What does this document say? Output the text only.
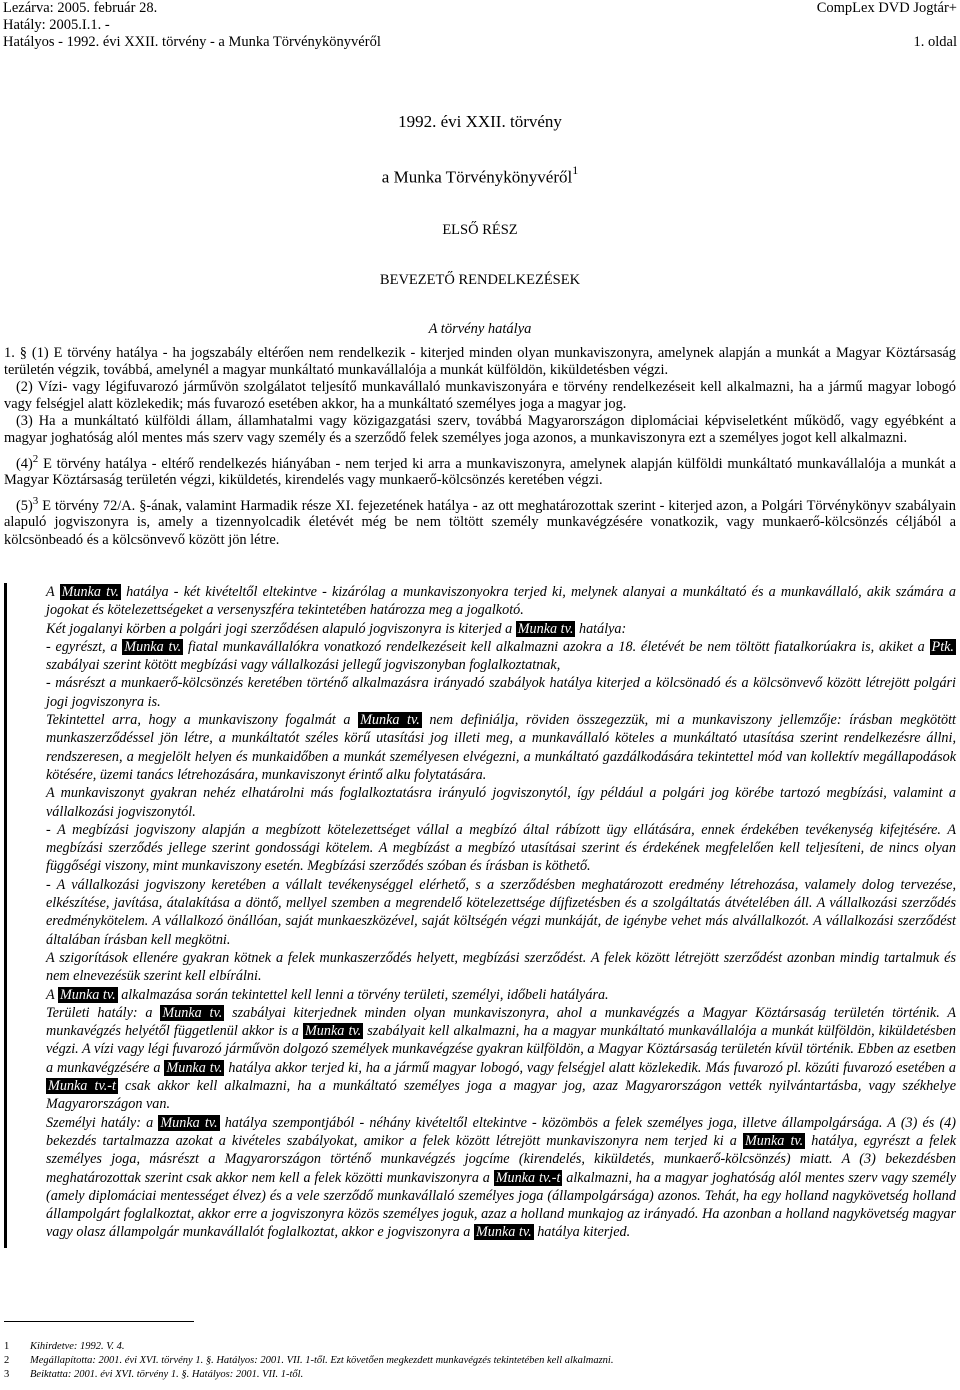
Lezárva: 2005. február 28.
Hatály: 2005.I.1. -
Hatályos - 1992. évi XXII. törvény - a Munka Törvénykönyvéről
CompLex DVD Jogtár+

1. oldal
1992. évi XXII. törvény
a Munka Törvénykönyvéről$^1$
ELSŐ RÉSZ
BEVEZETŐ RENDELKEZÉSEK
A törvény hatálya

1. § (1) E törvény hatálya - ha jogszabály eltérően nem rendelkezik - kiterjed minden olyan munkaviszonyra, amelynek alapján a munkát a Magyar Köztársaság területén végzik, továbbá, amelynél a magyar munkáltató munkavállalója a munkát külföldön, kiküldetésben végzi.

(2) Vízi- vagy légifuvarozó járművön szolgálatot teljesítő munkavállaló munkaviszonyára e törvény rendelkezéseit kell alkalmazni, ha a jármű magyar lobogó vagy felségjel alatt közlekedik; más fuvarozó esetében akkor, ha a munkáltató személyes joga a magyar jog.

(3) Ha a munkáltató külföldi állam, államhatalmi vagy közigazgatási szerv, továbbá Magyarországon diplomáciai képviseletként működő, vagy egyébként a magyar joghatóság alól mentes más szerv vagy személy és a szerződő felek személyes joga azonos, a munkaviszonyra ezt a személyes jogot kell alkalmazni.

$(4)^2$ E törvény hatálya - eltérő rendelkezés hiányában - nem terjed ki arra a munkaviszonyra, amelynek alapján külföldi munkáltató munkavállalója a munkát a Magyar Köztársaság területén végzi, kiküldetés, kirendelés vagy munkaerő-kölcsönzés keretében végzi.

$(5)^3$ E törvény 72/A. §-ának, valamint Harmadik része XI. fejezetének hatálya - az ott meghatározottak szerint - kiterjed azon, a Polgári Törvénykönyv szabályain alapuló jogviszonyra is, amely a tizennyolcadik életévét még be nem töltött személy munkavégzésére vonatkozik, vagy munkaerő-kölcsönzés céljából a kölcsönbeadó és a kölcsönvevő között jön létre.

A Munka tv. hatálya - két kivételtől eltekintve - kizárólag a munkaviszonyokra terjed ki, melynek alanyai a munkáltató és a munkavállaló, akik számára a jogokat és kötelezettségeket a versenyszféra tekintetében határozza meg a jogalkotó.

Két jogalanyi körben a polgári jogi szerződésen alapuló jogviszonyra is kiterjed a Munka tv. hatálya:

- egyrészt, a Munka tv. fiatal munkavállalókra vonatkozó rendelkezéseit kell alkalmazni azokra a 18. életévét be nem töltött fiatalkorúakra is, akiket a Ptk. szabályai szerint kötött megbízási vagy vállalkozási jellegű jogviszonyban foglalkoztatnak,

- másrészt a munkaerő-kölcsönzés keretében történő alkalmazásra irányadó szabályok hatálya kiterjed a kölcsönadó és a kölcsönvevő között létrejött polgári jogi jogviszonyra is.

Tekintettel arra, hogy a munkaviszony fogalmát a Munka tv. nem definiálja, röviden összegezzük, mi a munkaviszony jellemzője: írásban megkötött munkaszerződéssel jön létre, a munkáltatót széles körű utasítási jog illeti meg, a munkavállaló köteles a munkáltató utasítása szerint rendelkezésre állni, rendszeresen, a megjelölt helyen és munkaidőben a munkát személyesen elvégezni, a munkáltató gazdálkodására tekintettel mód van kollektív megállapodások kötésére, üzemi tanács létrehozására, munkaviszonyt érintő alku folytatására.

A munkaviszonyt gyakran nehéz elhatárolni más foglalkoztatásra irányuló jogviszonytól, így például a polgári jog körébe tartozó megbízási, valamint a vállalkozási jogviszonytól.

- A megbízási jogviszony alapján a megbízott kötelezettséget vállal a megbízó által rábízott ügy ellátására, ennek érdekében tevékenység kifejtésére. A megbízási szerződés jellege szerint gondossági kötelem. A megbízást a megbízó utasításai szerint és érdekének megfelelően kell teljesíteni, de nincs olyan függőségi viszony, mint munkaviszony esetén. Megbízási szerződés szóban és írásban is köthető.

- A vállalkozási jogviszony keretében a vállalt tevékenységgel elérhető, s a szerződésben meghatározott eredmény létrehozása, valamely dolog tervezése, elkészítése, javítása, átalakítása a döntő, mellyel szemben a megrendelő kötelezettsége díjfizetésben és a szolgáltatás átvételében áll. A vállalkozási szerződés eredménykötelem. A vállalkozó önállóan, saját munkaeszközével, saját költségén végzi munkáját, de igénybe vehet más alvállalkozót. A vállalkozási szerződést általában írásban kell megkötni.

A szigorítások ellenére gyakran kötnek a felek munkaszerződés helyett, megbízási szerződést. A felek között létrejött szerződést azonban mindig tartalmuk és nem elnevezésük szerint kell elbírálni.

A Munka tv. alkalmazása során tekintettel kell lenni a törvény területi, személyi, időbeli hatályára.

Területi hatály: a Munka tv. szabályai kiterjednek minden olyan munkaviszonyra, ahol a munkavégzés a Magyar Köztársaság területén történik. A munkavégzés helyétől függetlenül akkor is a Munka tv. szabályait kell alkalmazni, ha a magyar munkáltató munkavállalója a munkát külföldön, kiküldetésben végzi. A vízi vagy légi fuvarozó járművön dolgozó személyek munkavégzése gyakran külföldön, a Magyar Köztársaság területén kívül történik. Ebben az esetben a munkavégzésére a Munka tv. hatálya akkor terjed ki, ha a jármű magyar lobogó, vagy felségjel alatt közlekedik. Más fuvarozó pl. közúti fuvarozó esetében a Munka tv.-t csak akkor kell alkalmazni, ha a munkáltató személyes joga a magyar jog, azaz Magyarországon vették nyilvántartásba, vagy székhelye Magyarországon van.

Személyi hatály: a Munka tv. hatálya szempontjából - néhány kivételtől eltekintve - közömbös a felek személyes joga, illetve állampolgársága. A (3) és (4) bekezdés tartalmazza azokat a kivételes szabályokat, amikor a felek között létrejött munkaviszonyra nem terjed ki a Munka tv. hatálya, egyrészt a felek személyes joga, másrészt a Magyarországon történő munkavégzés jogcíme (kirendelés, kiküldetés, munkaerő-kölcsönzés) miatt. A (3) bekezdésben meghatározottak szerint csak akkor nem kell a felek közötti munkaviszonyra a Munka tv.-t alkalmazni, ha a magyar joghatóság alól mentes szerv vagy személy (amely diplomáciai mentességet élvez) és a vele szerződő munkavállaló személyes joga (állampolgársága) azonos. Tehát, ha egy holland nagykövetség holland állampolgárt foglalkoztat, akkor erre a jogviszonyra közös személyes joguk, azaz a holland munkajog az irányadó. Ha azonban a holland nagykövetség magyar vagy olasz állampolgár munkavállalót foglalkoztat, akkor e jogviszonyra a Munka tv. hatálya kiterjed.

1 Kihirdetve: 1992. V. 4.
2 Megállapította: 2001. évi XVI. törvény 1. §. Hatályos: 2001. VII. 1-től. Ezt követően megkezdett munkavégzés tekintetében kell alkalmazni.
3 Beiktatta: 2001. évi XVI. törvény 1. §. Hatályos: 2001. VII. 1-től.
